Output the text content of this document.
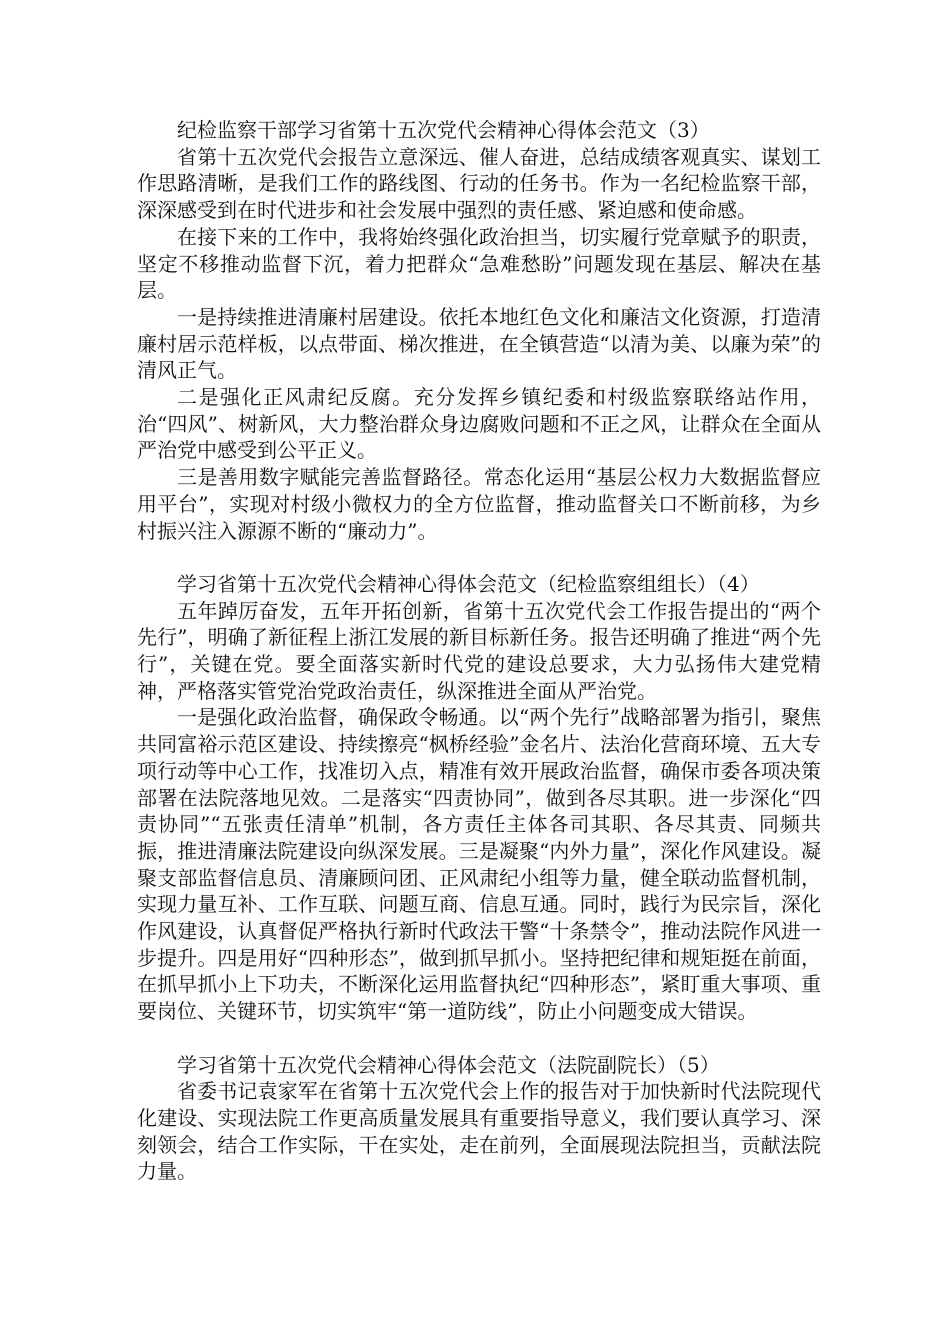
纪检监察干部学习省第十五次党代会精神心得体会范文（3）

省第十五次党代会报告立意深远、催人奋进，总结成绩客观真实、谋划工作思路清晰，是我们工作的路线图、行动的任务书。作为一名纪检监察干部，深深感受到在时代进步和社会发展中强烈的责任感、紧迫感和使命感。

在接下来的工作中，我将始终强化政治担当，切实履行党章赋予的职责，坚定不移推动监督下沉，着力把群众“急难愁盼”问题发现在基层、解决在基层。

一是持续推进清廉村居建设。依托本地红色文化和廉洁文化资源，打造清廉村居示范样板，以点带面、梯次推进，在全镇营造“以清为美、以廉为荣”的清风正气。

二是强化正风肃纪反腐。充分发挥乡镇纪委和村级监察联络站作用，治“四风”、树新风，大力整治群众身边腐败问题和不正之风，让群众在全面从严治党中感受到公平正义。

三是善用数字赋能完善监督路径。常态化运用“基层公权力大数据监督应用平台”，实现对村级小微权力的全方位监督，推动监督关口不断前移，为乡村振兴注入源源不断的“廉动力”。

学习省第十五次党代会精神心得体会范文（纪检监察组组长）（4）

五年踔厉奋发，五年开拓创新，省第十五次党代会工作报告提出的“两个先行”，明确了新征程上浙江发展的新目标新任务。报告还明确了推进“两个先行”，关键在党。要全面落实新时代党的建设总要求，大力弘扬伟大建党精神，严格落实管党治党政治责任，纵深推进全面从严治党。

一是强化政治监督，确保政令畅通。以“两个先行”战略部署为指引，聚焦共同富裕示范区建设、持续擦亮“枫桥经验”金名片、法治化营商环境、五大专项行动等中心工作，找准切入点，精准有效开展政治监督，确保市委各项决策部署在法院落地见效。二是落实“四责协同”，做到各尽其职。进一步深化“四责协同”“五张责任清单”机制，各方责任主体各司其职、各尽其责、同频共振，推进清廉法院建设向纵深发展。三是凝聚“内外力量”，深化作风建设。凝聚支部监督信息员、清廉顾问团、正风肃纪小组等力量，健全联动监督机制，实现力量互补、工作互联、问题互商、信息互通。同时，践行为民宗旨，深化作风建设，认真督促严格执行新时代政法干警“十条禁令”，推动法院作风进一步提升。四是用好“四种形态”，做到抓早抓小。坚持把纪律和规矩挺在前面，在抓早抓小上下功夫，不断深化运用监督执纪“四种形态”，紧盯重大事项、重要岗位、关键环节，切实筑牢“第一道防线”，防止小问题变成大错误。

学习省第十五次党代会精神心得体会范文（法院副院长）（5）

省委书记袁家军在省第十五次党代会上作的报告对于加快新时代法院现代化建设、实现法院工作更高质量发展具有重要指导意义，我们要认真学习、深刻领会，结合工作实际，干在实处，走在前列，全面展现法院担当，贡献法院力量。
